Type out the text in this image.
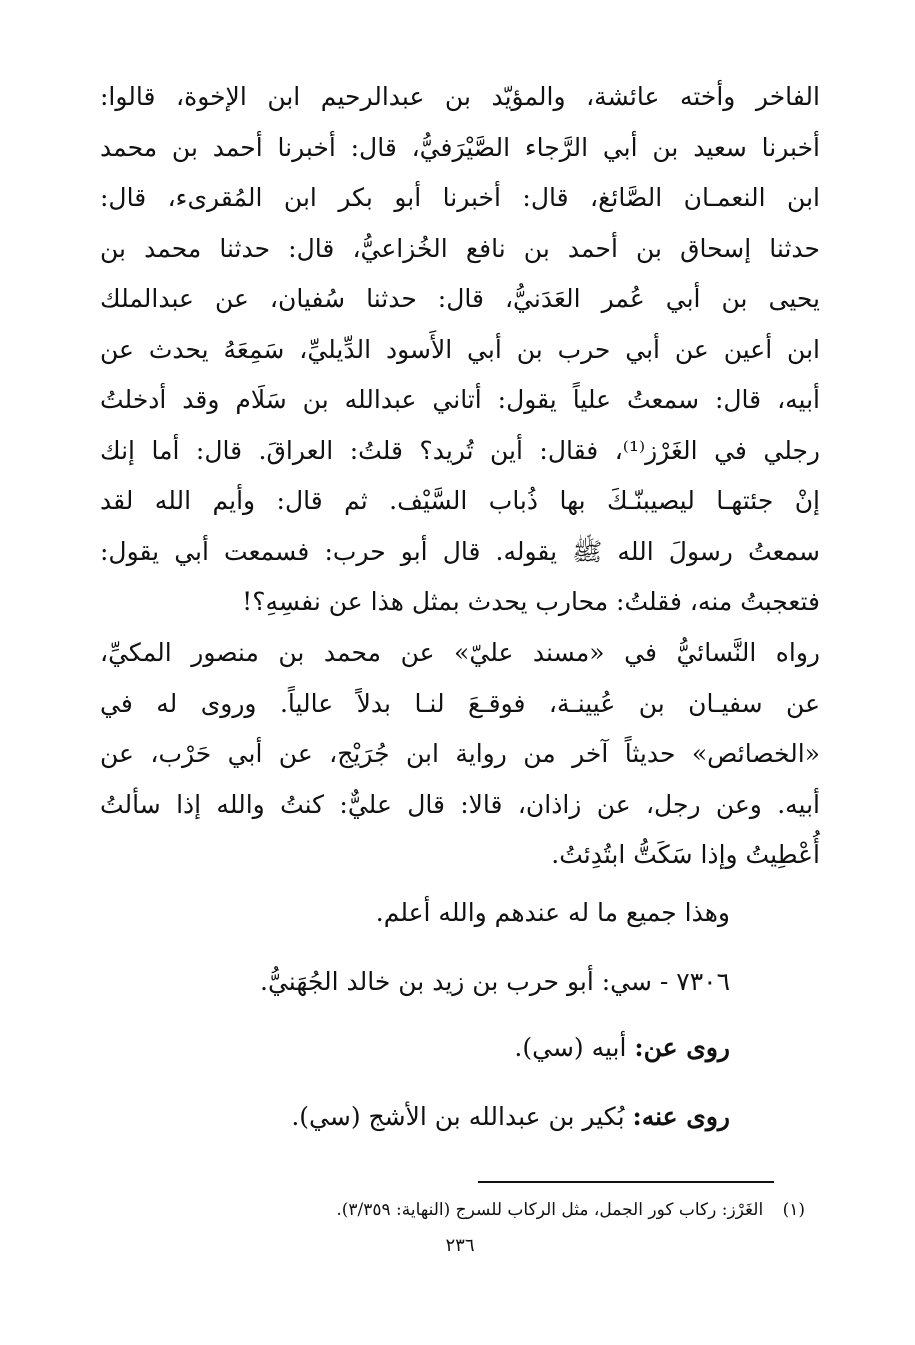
الفاخر وأخته عائشة، والمؤيّد بن عبدالرحيم ابن الإخوة، قالوا:
أخبرنا سعيد بن أبي الرَّجاء الصَّيْرَفيُّ، قال: أخبرنا أحمد بن محمد
ابن النعمـان الصَّائغ، قال: أخبرنا أبو بكر ابن المُقرىء، قال:
حدثنا إسحاق بن أحمد بن نافع الخُزاعيُّ، قال: حدثنا محمد بن
يحيى بن أبي عُمر العَدَنيُّ، قال: حدثنا سُفيان، عن عبدالملك
ابن أعين عن أبي حرب بن أبي الأَسود الدِّيليِّ، سَمِعَهُ يحدث عن
أبيه، قال: سمعتُ علياً يقول: أتاني عبدالله بن سَلَام وقد أدخلتُ
رجلي في الغَرْز⁽¹⁾، فقال: أين تُريد؟ قلتُ: العراقَ. قال: أما إنك
إنْ جئتهـا ليصيبنّـكَ بها ذُباب السَّيْف. ثم قال: وأيم الله لقد
سمعتُ رسولَ الله ﷺ يقوله. قال أبو حرب: فسمعت أبي يقول:
فتعجبتُ منه، فقلتُ: محارب يحدث بمثل هذا عن نفسِهِ؟!
رواه النَّسائيُّ في «مسند عليّ» عن محمد بن منصور المكيِّ،
عن سفيـان بن عُيينـة، فوقـعَ لنـا بدلاً عالياً. وروى له في
«الخصائص» حديثاً آخر من رواية ابن جُرَيْج، عن أبي حَرْب، عن
أبيه. وعن رجل، عن زاذان، قالا: قال عليٌّ: كنتُ والله إذا سألتُ
أُعْطِيتُ وإذا سَكَتُّ ابتُدِئتُ.
وهذا جميع ما له عندهم والله أعلم.
٧٣٠٦ - سي: أبو حرب بن زيد بن خالد الجُهَنيُّ.
روى عن: أبيه (سي).
روى عنه: بُكير بن عبدالله بن الأشج (سي).
(١) الغَرْز: ركاب كور الجمل، مثل الركاب للسرج (النهاية: ٣/٣٥٩).
٢٣٦
